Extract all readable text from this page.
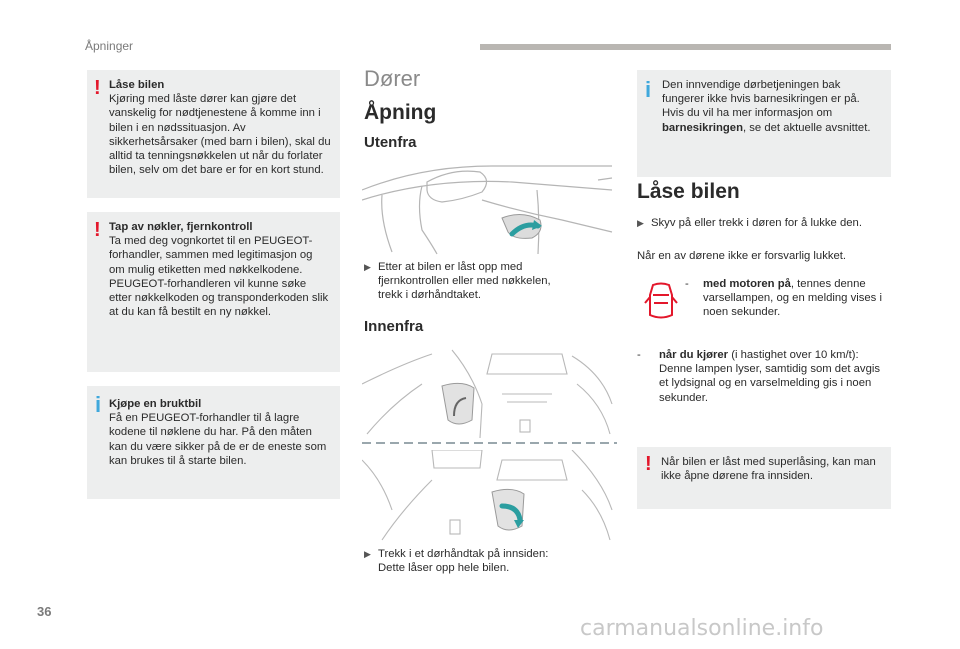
Åpninger
! Låse bilen
Kjøring med låste dører kan gjøre det vanskelig for nødtjenestene å komme inn i bilen i en nødssituasjon. Av sikkerhetsårsaker (med barn i bilen), skal du alltid ta tenningsnøkkelen ut når du forlater bilen, selv om det bare er for en kort stund.

! Tap av nøkler, fjernkontroll
Ta med deg vognkortet til en PEUGEOT-forhandler, sammen med legitimasjon og om mulig etiketten med nøkkelkodene. PEUGEOT-forhandleren vil kunne søke etter nøkkelkoden og transponderkoden slik at du kan få bestilt en ny nøkkel.

i Kjøpe en bruktbil
Få en PEUGEOT-forhandler til å lagre kodene til nøklene du har. På den måten kan du være sikker på de er de eneste som kan brukes til å starte bilen.

Dører
Åpning
Utenfra
▶ Etter at bilen er låst opp med fjernkontrollen eller med nøkkelen, trekk i dørhåndtaket.
Innenfra
▶ Trekk i et dørhåndtak på innsiden: Dette låser opp hele bilen.
i Den innvendige dørbetjeningen bak fungerer ikke hvis barnesikringen er på. Hvis du vil ha mer informasjon om barnesikringen, se det aktuelle avsnittet.

Låse bilen
▶ Skyv på eller trekk i døren for å lukke den.
Når en av dørene ikke er forsvarlig lukket.
- med motoren på, tennes denne varsellampen, og en melding vises i noen sekunder.
- når du kjører (i hastighet over 10 km/t): Denne lampen lyser, samtidig som det avgis et lydsignal og en varselmelding gis i noen sekunder.
! Når bilen er låst med superlåsing, kan man ikke åpne dørene fra innsiden.

36
carmanualsonline.info
